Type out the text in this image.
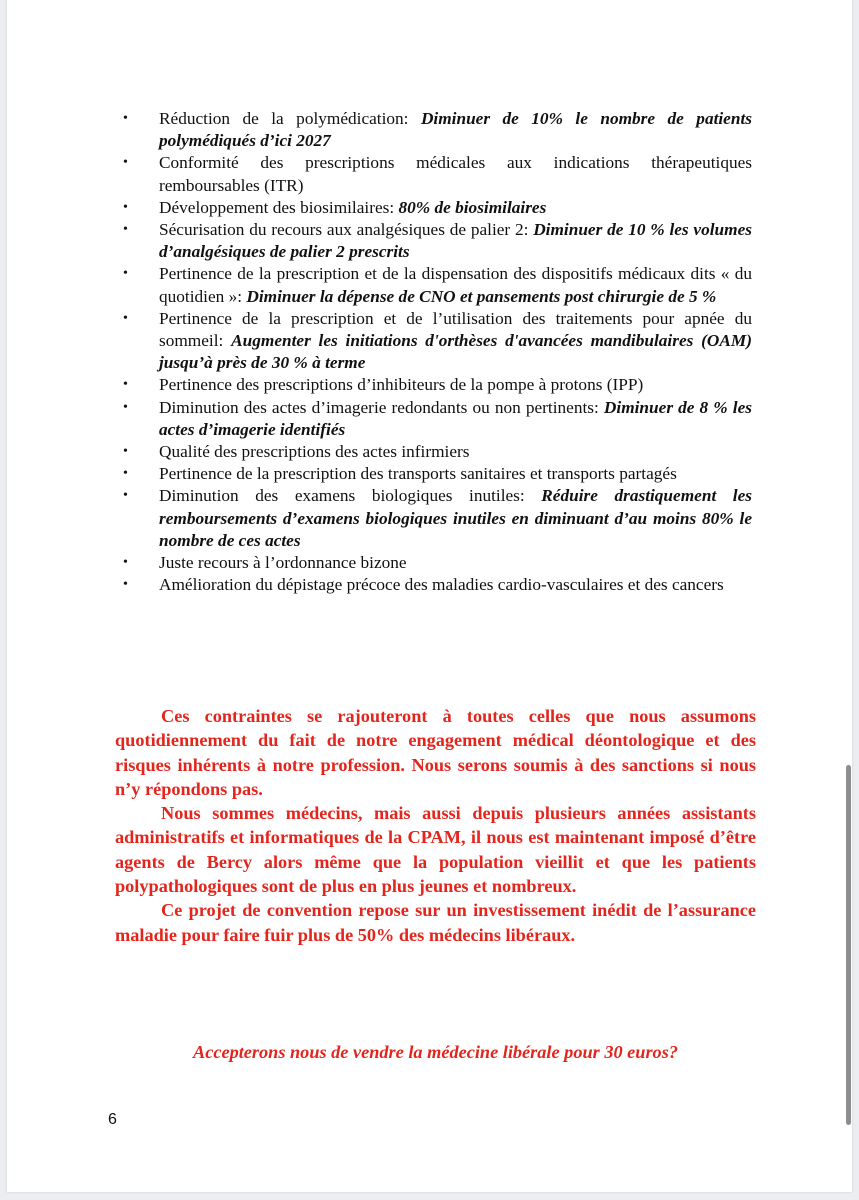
• Réduction de la polymédication: Diminuer de 10% le nombre de patients polymédiqués d’ici 2027
• Conformité des prescriptions médicales aux indications thérapeutiques remboursables (ITR)
• Développement des biosimilaires: 80% de biosimilaires
• Sécurisation du recours aux analgésiques de palier 2: Diminuer de 10 % les volumes d’analgésiques de palier 2 prescrits
• Pertinence de la prescription et de la dispensation des dispositifs médicaux dits « du quotidien »: Diminuer la dépense de CNO et pansements post chirurgie de 5 %
• Pertinence de la prescription et de l’utilisation des traitements pour apnée du sommeil: Augmenter les initiations d'orthèses d'avancées mandibulaires (OAM) jusqu’à près de 30 % à terme
• Pertinence des prescriptions d’inhibiteurs de la pompe à protons (IPP)
• Diminution des actes d’imagerie redondants ou non pertinents: Diminuer de 8 % les actes d’imagerie identifiés
• Qualité des prescriptions des actes infirmiers
• Pertinence de la prescription des transports sanitaires et transports partagés
• Diminution des examens biologiques inutiles: Réduire drastiquement les remboursements d’examens biologiques inutiles en diminuant d’au moins 80% le nombre de ces actes
• Juste recours à l’ordonnance bizone
• Amélioration du dépistage précoce des maladies cardio-vasculaires et des cancers

Ces contraintes se rajouteront à toutes celles que nous assumons quotidiennement du fait de notre engagement médical déontologique et des risques inhérents à notre profession. Nous serons soumis à des sanctions si nous n’y répondons pas.

Nous sommes médecins, mais aussi depuis plusieurs années assistants administratifs et informatiques de la CPAM, il nous est maintenant imposé d’être agents de Bercy alors même que la population vieillit et que les patients polypathologiques sont de plus en plus jeunes et nombreux.

Ce projet de convention repose sur un investissement inédit de l’assurance maladie pour faire fuir plus de 50% des médecins libéraux.

Accepterons nous de vendre la médecine libérale pour 30 euros?

6
